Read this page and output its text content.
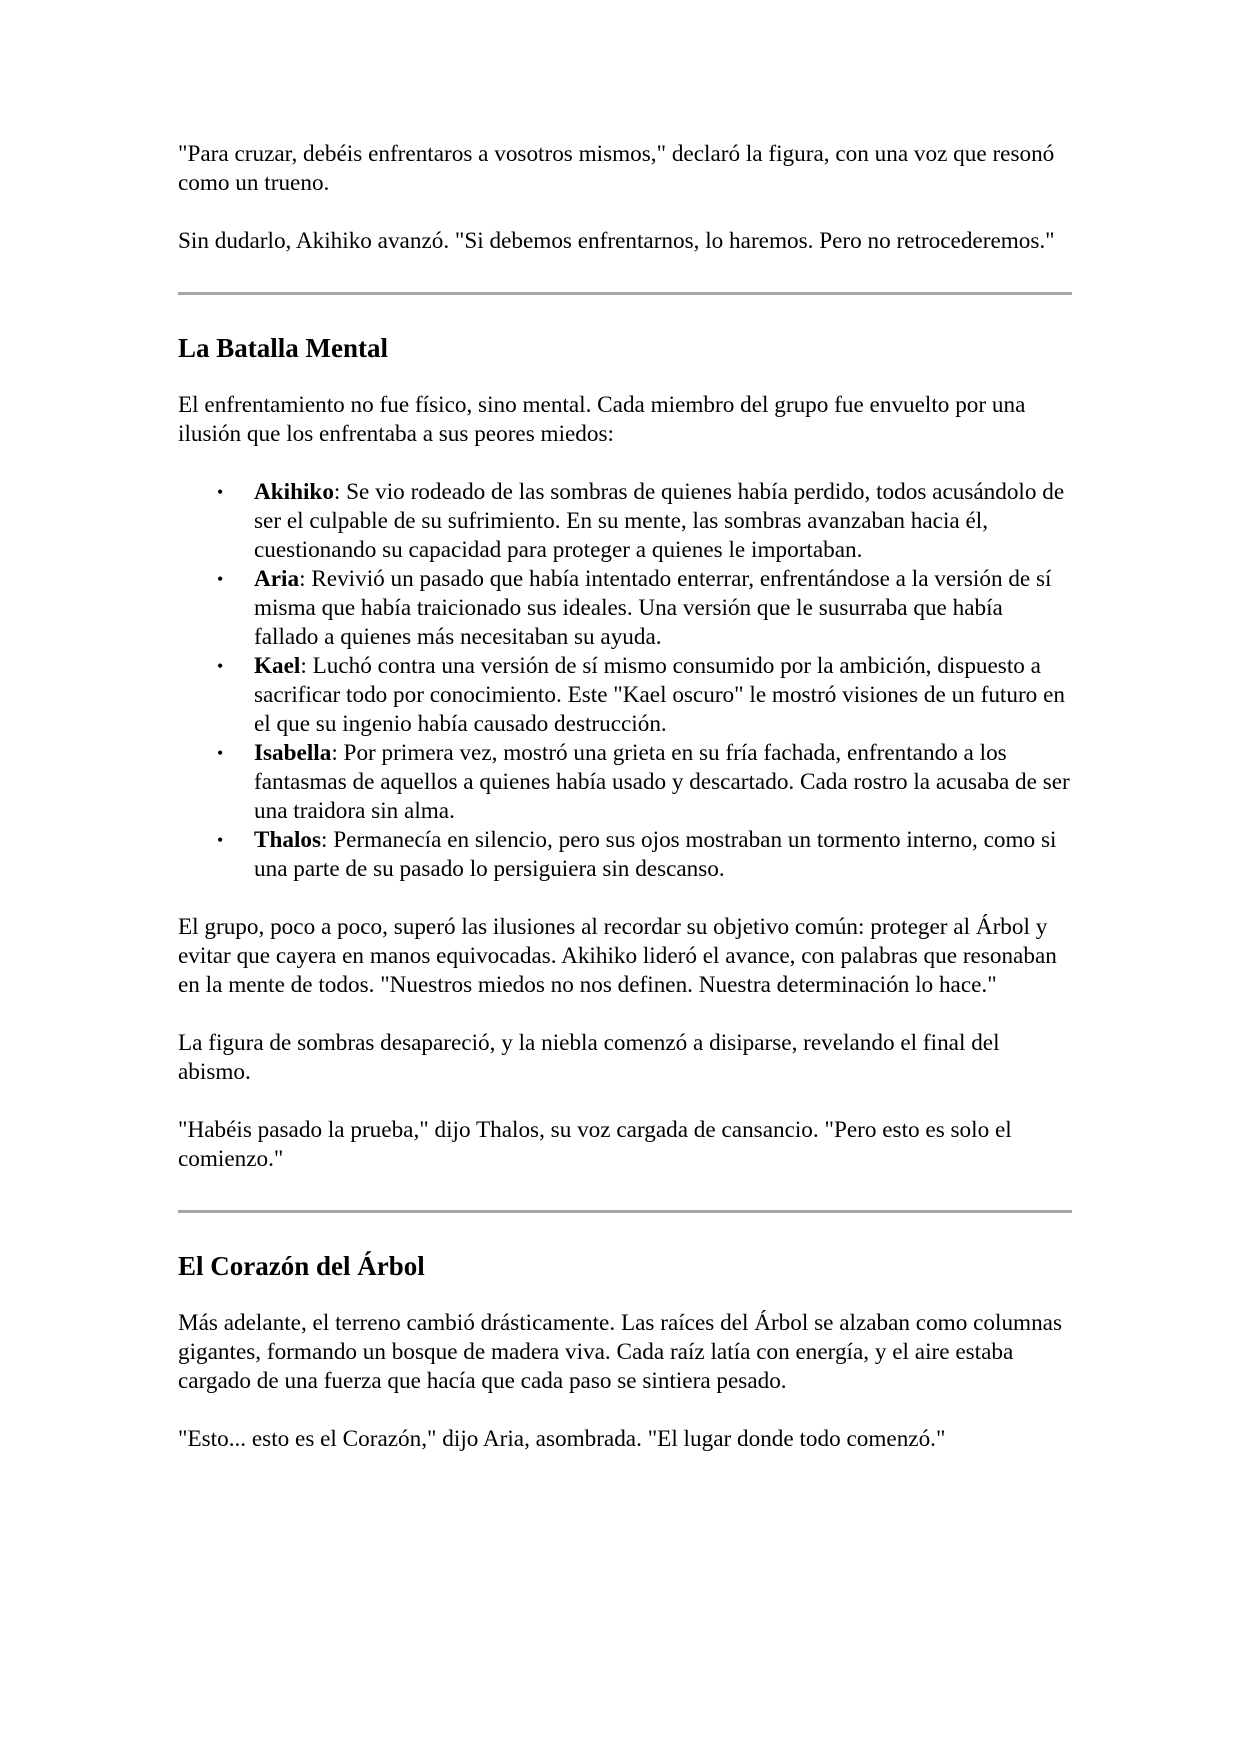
"Para cruzar, debéis enfrentaros a vosotros mismos," declaró la figura, con una voz que resonó como un trueno.

Sin dudarlo, Akihiko avanzó. "Si debemos enfrentarnos, lo haremos. Pero no retrocederemos."

La Batalla Mental

El enfrentamiento no fue físico, sino mental. Cada miembro del grupo fue envuelto por una ilusión que los enfrentaba a sus peores miedos:

• Akihiko: Se vio rodeado de las sombras de quienes había perdido, todos acusándolo de ser el culpable de su sufrimiento. En su mente, las sombras avanzaban hacia él, cuestionando su capacidad para proteger a quienes le importaban.
• Aria: Revivió un pasado que había intentado enterrar, enfrentándose a la versión de sí misma que había traicionado sus ideales. Una versión que le susurraba que había fallado a quienes más necesitaban su ayuda.
• Kael: Luchó contra una versión de sí mismo consumido por la ambición, dispuesto a sacrificar todo por conocimiento. Este "Kael oscuro" le mostró visiones de un futuro en el que su ingenio había causado destrucción.
• Isabella: Por primera vez, mostró una grieta en su fría fachada, enfrentando a los fantasmas de aquellos a quienes había usado y descartado. Cada rostro la acusaba de ser una traidora sin alma.
• Thalos: Permanecía en silencio, pero sus ojos mostraban un tormento interno, como si una parte de su pasado lo persiguiera sin descanso.

El grupo, poco a poco, superó las ilusiones al recordar su objetivo común: proteger al Árbol y evitar que cayera en manos equivocadas. Akihiko lideró el avance, con palabras que resonaban en la mente de todos. "Nuestros miedos no nos definen. Nuestra determinación lo hace."

La figura de sombras desapareció, y la niebla comenzó a disiparse, revelando el final del abismo.

"Habéis pasado la prueba," dijo Thalos, su voz cargada de cansancio. "Pero esto es solo el comienzo."

El Corazón del Árbol

Más adelante, el terreno cambió drásticamente. Las raíces del Árbol se alzaban como columnas gigantes, formando un bosque de madera viva. Cada raíz latía con energía, y el aire estaba cargado de una fuerza que hacía que cada paso se sintiera pesado.

"Esto... esto es el Corazón," dijo Aria, asombrada. "El lugar donde todo comenzó."
